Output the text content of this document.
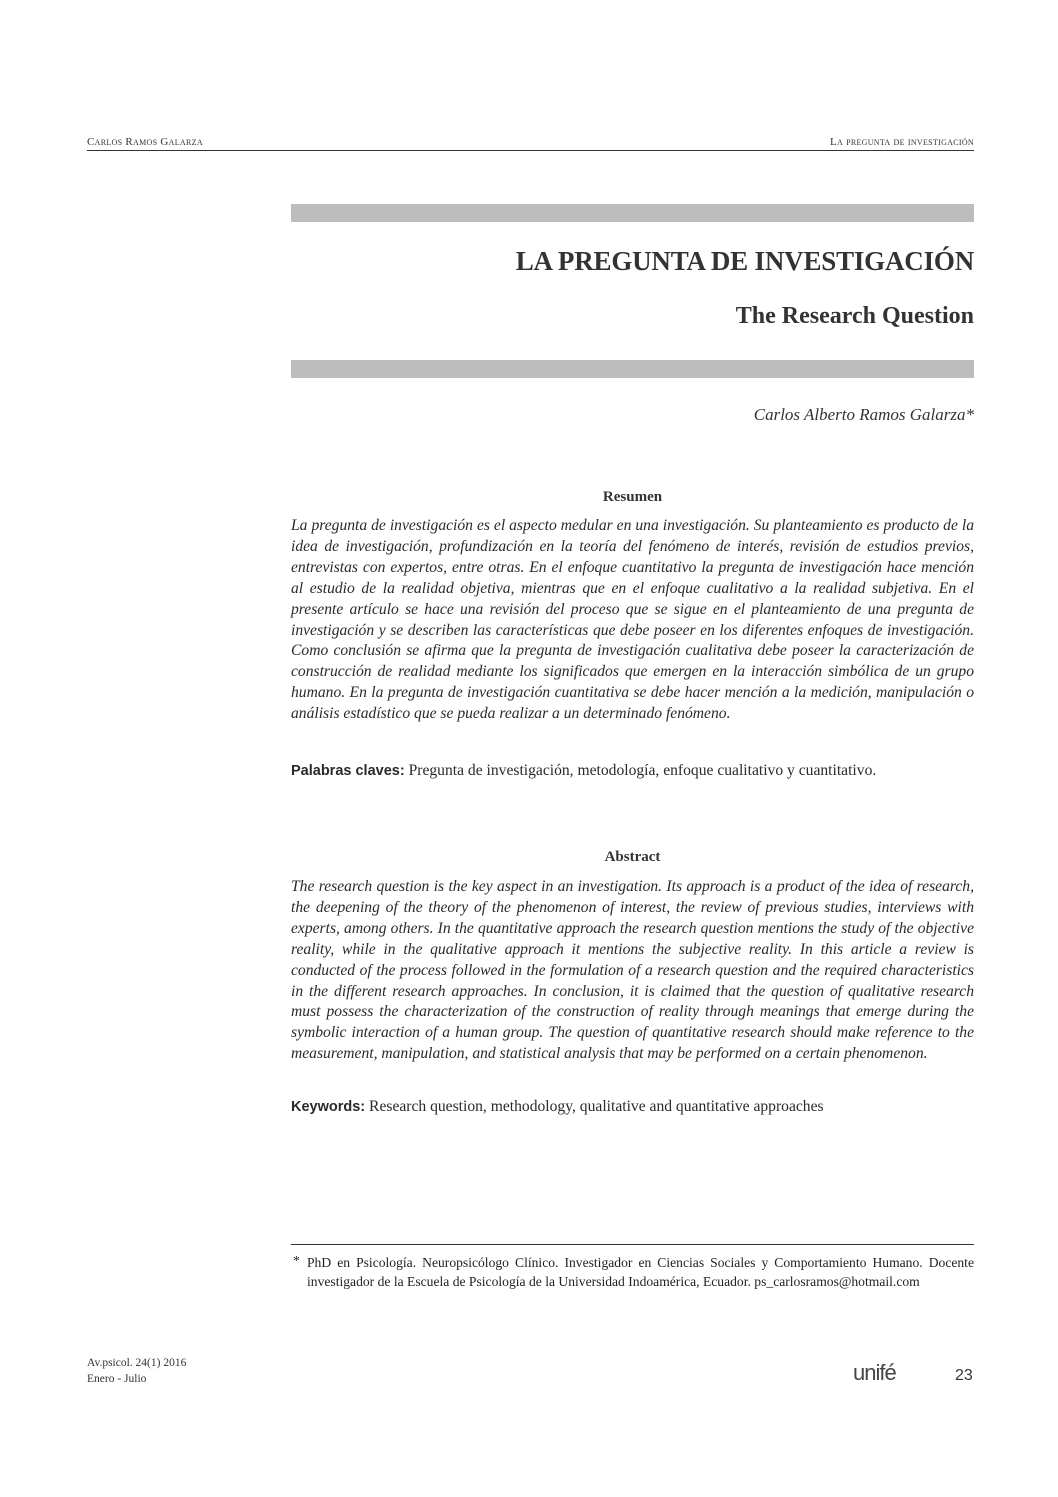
Carlos Ramos Galarza	La pregunta de investigación
LA PREGUNTA DE INVESTIGACIÓN
The Research Question
Carlos Alberto Ramos Galarza*
Resumen
La pregunta de investigación es el aspecto medular en una investigación. Su planteamiento es producto de la idea de investigación, profundización en la teoría del fenómeno de interés, revisión de estudios previos, entrevistas con expertos, entre otras. En el enfoque cuantitativo la pregunta de investigación hace mención al estudio de la realidad objetiva, mientras que en el enfoque cualitativo a la realidad subjetiva. En el presente artículo se hace una revisión del proceso que se sigue en el planteamiento de una pregunta de investigación y se describen las características que debe poseer en los diferentes enfoques de investigación. Como conclusión se afirma que la pregunta de investigación cualitativa debe poseer la caracterización de construcción de realidad mediante los significados que emergen en la interacción simbólica de un grupo humano. En la pregunta de investigación cuantitativa se debe hacer mención a la medición, manipulación o análisis estadístico que se pueda realizar a un determinado fenómeno.
Palabras claves: Pregunta de investigación, metodología, enfoque cualitativo y cuantitativo.
Abstract
The research question is the key aspect in an investigation. Its approach is a product of the idea of research, the deepening of the theory of the phenomenon of interest, the review of previous studies, interviews with experts, among others. In the quantitative approach the research question mentions the study of the objective reality, while in the qualitative approach it mentions the subjective reality. In this article a review is conducted of the process followed in the formulation of a research question and the required characteristics in the different research approaches. In conclusion, it is claimed that the question of qualitative research must possess the characterization of the construction of reality through meanings that emerge during the symbolic interaction of a human group. The question of quantitative research should make reference to the measurement, manipulation, and statistical analysis that may be performed on a certain phenomenon.
Keywords: Research question, methodology, qualitative and quantitative approaches
* PhD en Psicología. Neuropsicólogo Clínico. Investigador en Ciencias Sociales y Comportamiento Humano. Docente investigador de la Escuela de Psicología de la Universidad Indoamérica, Ecuador. ps_carlosramos@hotmail.com
Av.psicol. 24(1) 2016
Enero - Julio	unifé	23
